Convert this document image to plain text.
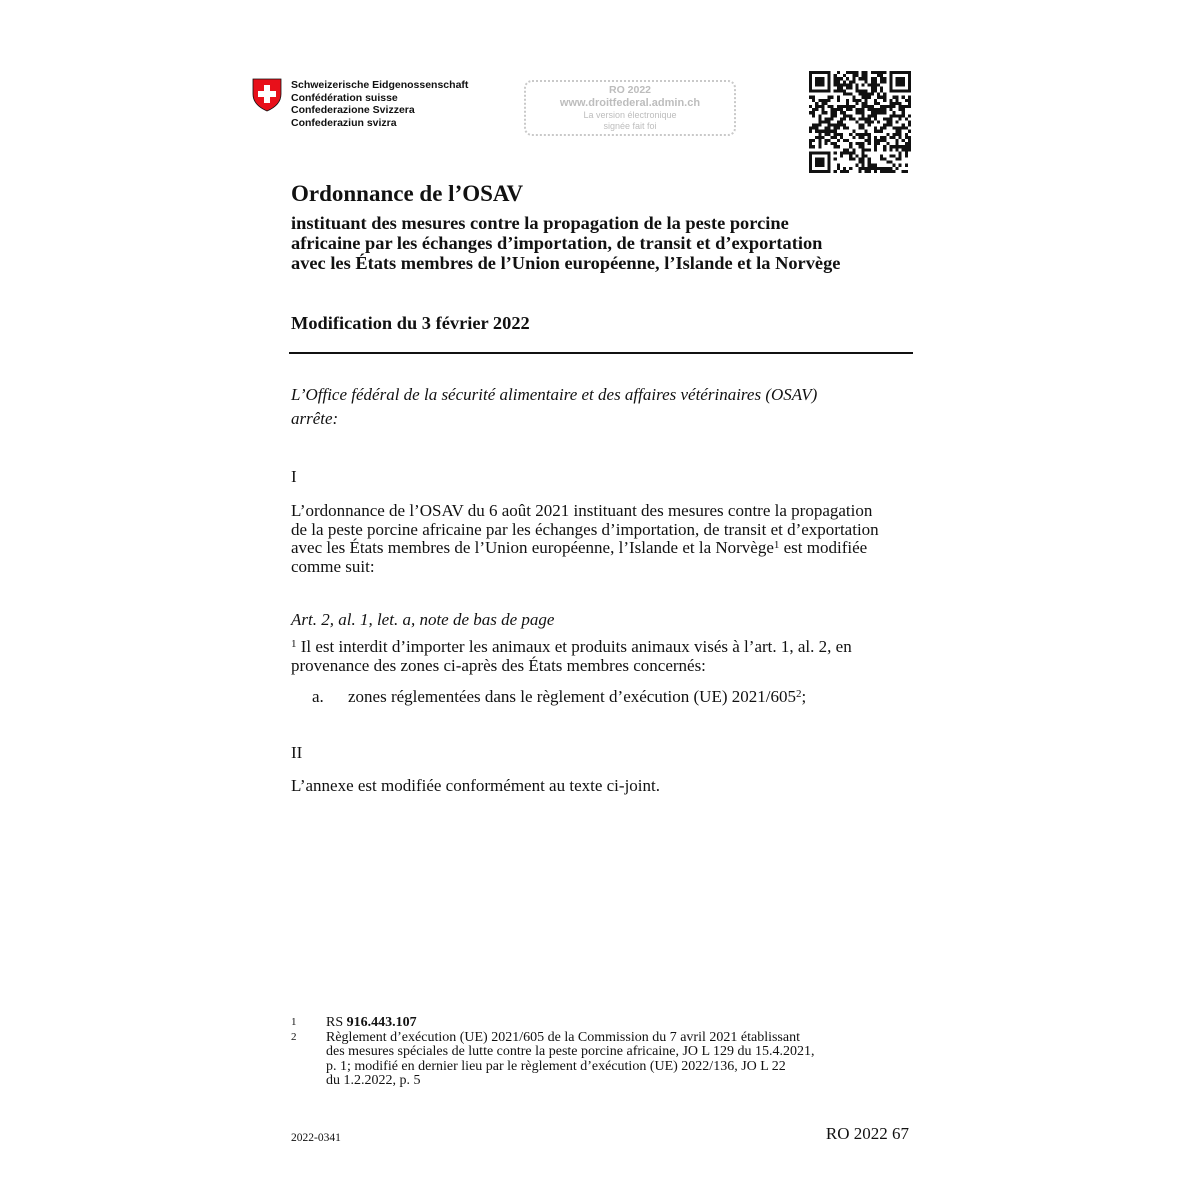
Schweizerische Eidgenossenschaft
Confédération suisse
Confederazione Svizzera
Confederaziun svizra
RO 2022
www.droitfederal.admin.ch
La version électronique
signée fait foi
Ordonnance de l’OSAV
instituant des mesures contre la propagation de la peste porcine
africaine par les échanges d’importation, de transit et d’exportation
avec les États membres de l’Union européenne, l’Islande et la Norvège
Modification du 3 février 2022
L’Office fédéral de la sécurité alimentaire et des affaires vétérinaires (OSAV)
arrête:
I
L’ordonnance de l’OSAV du 6 août 2021 instituant des mesures contre la propagation
de la peste porcine africaine par les échanges d’importation, de transit et d’exportation
avec les États membres de l’Union européenne, l’Islande et la Norvège$^1$ est modifiée
comme suit:
Art. 2, al. 1, let. a, note de bas de page
$^1$ Il est interdit d’importer les animaux et produits animaux visés à l’art. 1, al. 2, en
provenance des zones ci-après des États membres concernés:
a. zones réglementées dans le règlement d’exécution (UE) $2021/605^2$;
II
L’annexe est modifiée conformément au texte ci-joint.
1 RS 916.443.107
2 Règlement d’exécution (UE) 2021/605 de la Commission du 7 avril 2021 établissant
des mesures spéciales de lutte contre la peste porcine africaine, JO L 129 du 15.4.2021,
p. 1; modifié en dernier lieu par le règlement d’exécution (UE) 2022/136, JO L 22
du 1.2.2022, p. 5
2022-0341	RO 2022 67
